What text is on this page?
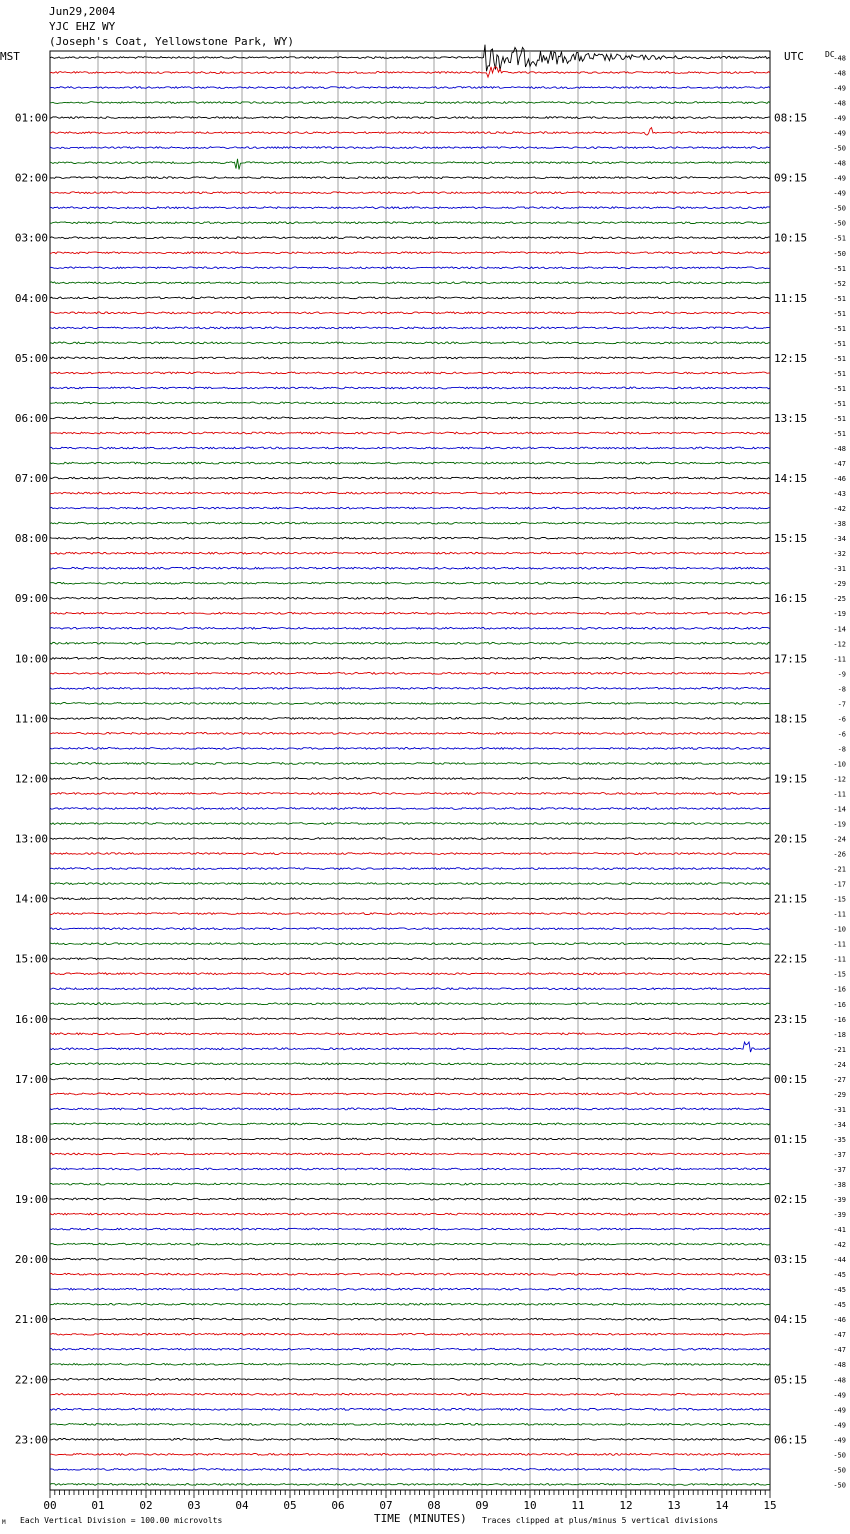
Jun29,2004
YJC EHZ WY
(Joseph's Coat, Yellowstone Park, WY)
MST	UTC	DC
-48
-48
-49
-48
-49
-49
-50
-48
-49
-49
-50
-50
-51
-50
-51
-52
-51
-51
-51
-51
-51
-51
-51
-51
-51
-51
-48
-47
-46
-43
-42
-38
-34
-32
-31
-29
-25
-19
-14
-12
-11
-9
-8
-7
-6
-6
-8
-10
-12
-11
-14
-19
-24
-26
-21
-17
-15
-11
-10
-11
-11
-15
-16
-16
-16
-18
-21
-24
-27
-29
-31
-34
-35
-37
-37
-38
-39
-39
-41
-42
-44
-45
-45
-45
-46
-47
-47
-48
-48
-49
-49
-49
-49
-50
-50
-50
01:00
02:00
03:00
04:00
05:00
06:00
07:00
08:00
09:00
10:00
11:00
12:00
13:00
14:00
15:00
16:00
17:00
18:00
19:00
20:00
21:00
22:00
23:00
08:15
09:15
10:15
11:15
12:15
13:15
14:15
15:15
16:15
17:15
18:15
19:15
20:15
21:15
22:15
23:15
00:15
01:15
02:15
03:15
04:15
05:15
06:15
00	01	02	03	04	05	06	07	08	09	10	11	12	13	14	15
M Each Vertical Division = 100.00 microvolts	TIME (MINUTES) Traces clipped at plus/minus 5 vertical divisions
